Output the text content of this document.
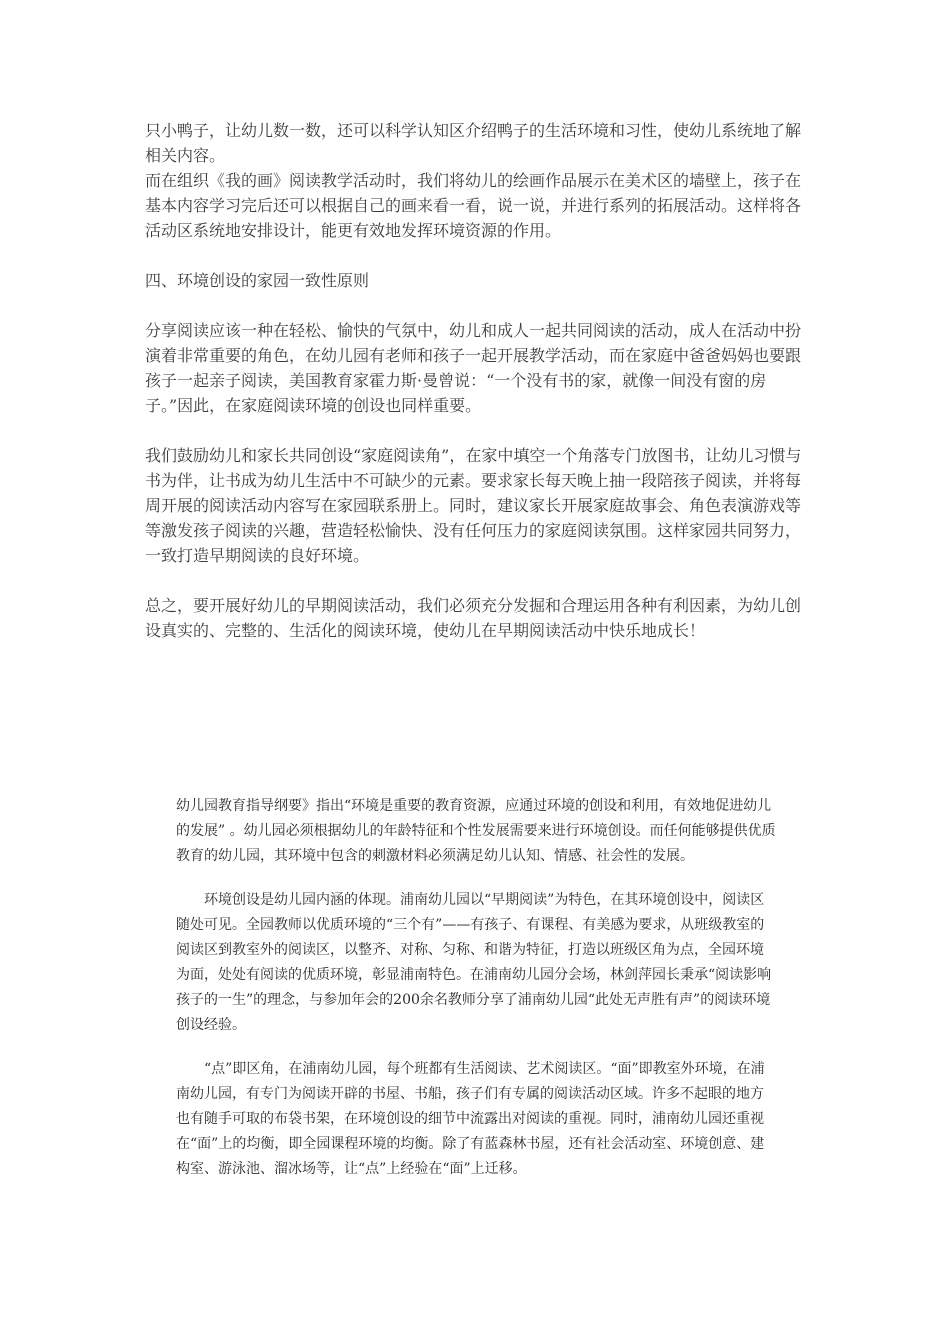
只小鸭子，让幼儿数一数，还可以科学认知区介绍鸭子的生活环境和习性，使幼儿系统地了解相关内容。

而在组织《我的画》阅读教学活动时，我们将幼儿的绘画作品展示在美术区的墙壁上，孩子在基本内容学习完后还可以根据自己的画来看一看，说一说，并进行系列的拓展活动。这样将各活动区系统地安排设计，能更有效地发挥环境资源的作用。

四、环境创设的家园一致性原则

分享阅读应该一种在轻松、愉快的气氛中，幼儿和成人一起共同阅读的活动，成人在活动中扮演着非常重要的角色，在幼儿园有老师和孩子一起开展教学活动，而在家庭中爸爸妈妈也要跟孩子一起亲子阅读，美国教育家霍力斯·曼曾说：“一个没有书的家，就像一间没有窗的房子。”因此，在家庭阅读环境的创设也同样重要。

我们鼓励幼儿和家长共同创设“家庭阅读角”，在家中填空一个角落专门放图书，让幼儿习惯与书为伴，让书成为幼儿生活中不可缺少的元素。要求家长每天晚上抽一段陪孩子阅读，并将每周开展的阅读活动内容写在家园联系册上。同时，建议家长开展家庭故事会、角色表演游戏等等激发孩子阅读的兴趣，营造轻松愉快、没有任何压力的家庭阅读氛围。这样家园共同努力，一致打造早期阅读的良好环境。

总之，要开展好幼儿的早期阅读活动，我们必须充分发掘和合理运用各种有利因素，为幼儿创设真实的、完整的、生活化的阅读环境，使幼儿在早期阅读活动中快乐地成长！

幼儿园教育指导纲要》指出“环境是重要的教育资源，应通过环境的创设和利用，有效地促进幼儿的发展” 。幼儿园必须根据幼儿的年龄特征和个性发展需要来进行环境创设。而任何能够提供优质教育的幼儿园，其环境中包含的刺激材料必须满足幼儿认知、情感、社会性的发展。

环境创设是幼儿园内涵的体现。浦南幼儿园以“早期阅读”为特色，在其环境创设中，阅读区随处可见。全园教师以优质环境的“三个有”——有孩子、有课程、有美感为要求，从班级教室的阅读区到教室外的阅读区，以整齐、对称、匀称、和谐为特征，打造以班级区角为点，全园环境为面，处处有阅读的优质环境，彰显浦南特色。在浦南幼儿园分会场，林剑萍园长秉承“阅读影响孩子的一生”的理念，与参加年会的200余名教师分享了浦南幼儿园“此处无声胜有声”的阅读环境创设经验。

“点”即区角，在浦南幼儿园，每个班都有生活阅读、艺术阅读区。“面”即教室外环境，在浦南幼儿园，有专门为阅读开辟的书屋、书船，孩子们有专属的阅读活动区域。许多不起眼的地方也有随手可取的布袋书架，在环境创设的细节中流露出对阅读的重视。同时，浦南幼儿园还重视在“面”上的均衡，即全园课程环境的均衡。除了有蓝森林书屋，还有社会活动室、环境创意、建构室、游泳池、溜冰场等，让“点”上经验在“面”上迁移。
